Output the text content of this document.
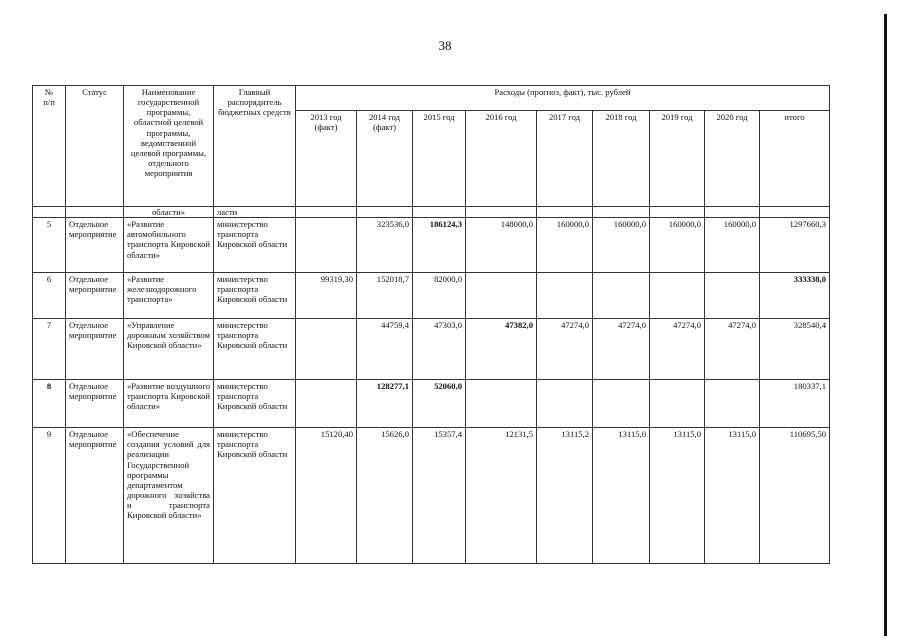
38
№
п/п	Статус	Наименование государственной программы, областной целевой программы, ведомственной целевой программы, отдельного мероприятия	Главный распорядитель бюджетных средств	Расходы (прогноз, факт), тыс. рублей								
				2013 год (факт)	2014 год (факт)	2015 год	2016 год	2017 год	2018 год	2019 год	2020 год	итого
		области»	ласти									
5	Отдельное мероприятие	«Развитие автомобильного транспорта Кировской области»	министерство транспорта Кировской области		323536,0	186124,3	148000,0	160000,0	160000,0	160000,0	160000,0	1297660,3
6	Отдельное мероприятие	«Развитие железнодорожного транспорта»	министерство транспорта Кировской области	99319,30	152018,7	82000,0						333338,0
7	Отдельное мероприятие	«Управление дорожным хозяйством Кировской области»	министерство транспорта Кировской области		44759,4	47303,0	47382,0	47274,0	47274,0	47274,0	47274,0	328540,4
8	Отдельное мероприятие	«Развитие воздушного транспорта Кировской области»	министерство транспорта Кировской области		128277,1	52060,0						180337,1
9	Отдельное мероприятие	«Обеспечение создания условий для реализации Государственной программы департаментом дорожного хозяйства и транспорта Кировской области»	министерство транспорта Кировской области	15120,40	15626,0	15357,4	12131,5	13115,2	13115,0	13115,0	13115,0	110695,50
